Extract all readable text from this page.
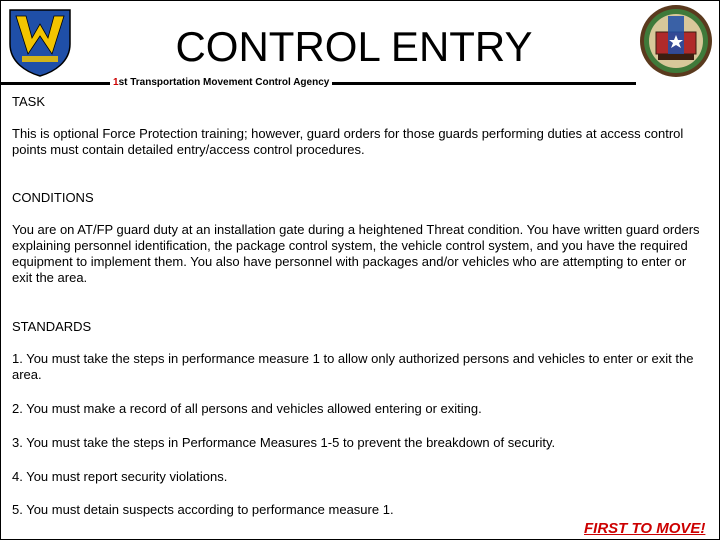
CONTROL ENTRY
1st Transportation Movement Control Agency

TASK

This is optional Force Protection training; however, guard orders for those guards performing duties at access control points must contain detailed entry/access control procedures.

CONDITIONS

You are on AT/FP guard duty at an installation gate during a heightened Threat condition. You have written guard orders explaining personnel identification, the package control system, the vehicle control system, and you have the required equipment to implement them. You also have personnel with packages and/or vehicles who are attempting to enter or exit the area.

STANDARDS

1. You must take the steps in performance measure 1 to allow only authorized persons and vehicles to enter or exit the area.

2. You must make a record of all persons and vehicles allowed entering or exiting.

3. You must take the steps in Performance Measures 1-5 to prevent the breakdown of security.

4. You must report security violations.

5. You must detain suspects according to performance measure 1.

FIRST TO MOVE!
